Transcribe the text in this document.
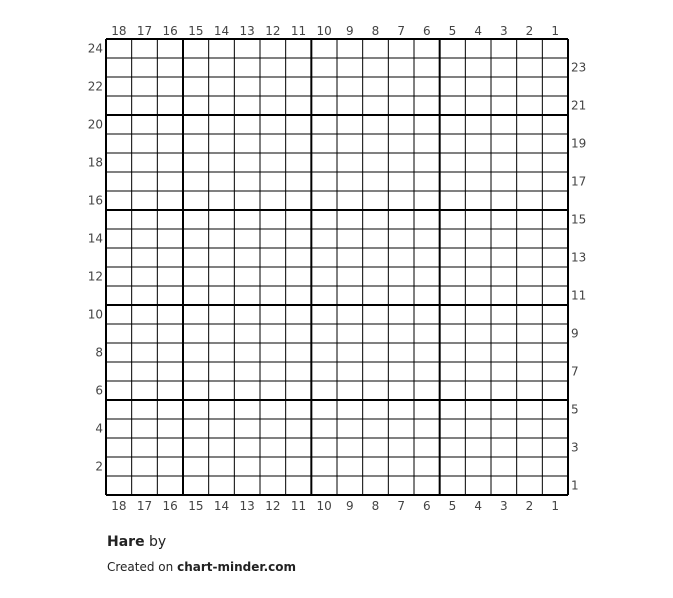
18 17 16 15 14 13 12 11 10 9 8 7 6 5 4 3 2 1
18 17 16 15 14 13 12 11 10 9 8 7 6 5 4 3 2 1
24
22
20
18
16
14
12
10
8
6
4
2
23
21
19
17
15
13
11
9
7
5
3
1
Hare by
Created on chart-minder.com
